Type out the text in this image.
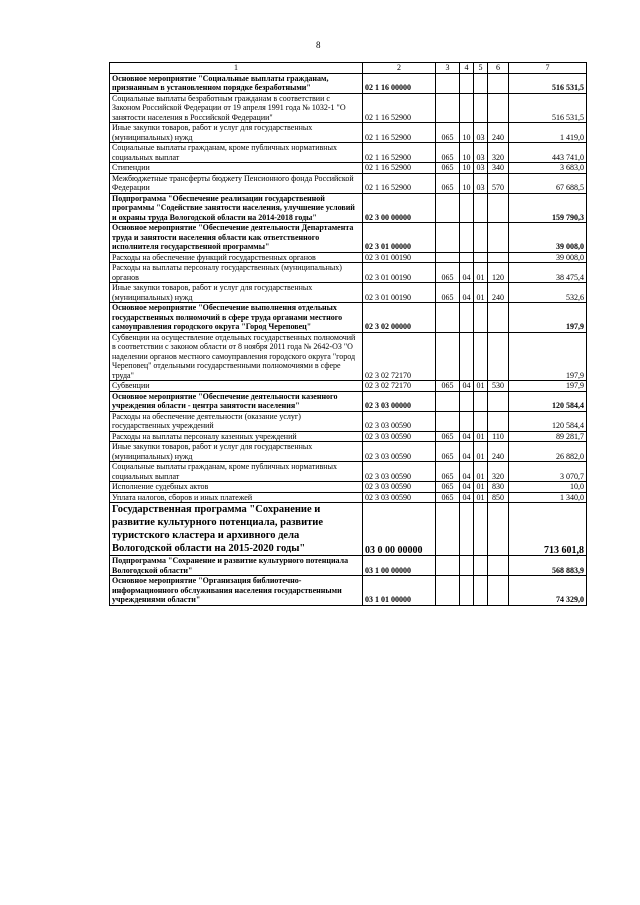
8
1	2	3	4	5	6	7
Основное мероприятие "Социальные выплаты гражданам, признанным в установленном порядке безработными"	02 1 16 00000					516 531,5
Социальные выплаты безработным гражданам в соответствии с Законом Российской Федерации от 19 апреля 1991 года № 1032-1 "О занятости населения в Российской Федерации"	02 1 16 52900					516 531,5
Иные закупки товаров, работ и услуг для государственных (муниципальных) нужд	02 1 16 52900	065	10	03	240	1 419,0
Социальные выплаты гражданам, кроме публичных нормативных социальных выплат	02 1 16 52900	065	10	03	320	443 741,0
Стипендии	02 1 16 52900	065	10	03	340	3 683,0
Межбюджетные трансферты бюджету Пенсионного фонда Российской Федерации	02 1 16 52900	065	10	03	570	67 688,5
Подпрограмма "Обеспечение реализации государственной программы "Содействие занятости населения, улучшение условий и охраны труда Вологодской области на 2014-2018 годы"	02 3 00 00000					159 790,3
Основное мероприятие "Обеспечение деятельности Департамента труда и занятости населения области как ответственного исполнителя государственной программы"	02 3 01 00000					39 008,0
Расходы на обеспечение функций государственных органов	02 3 01 00190					39 008,0
Расходы на выплаты персоналу государственных (муниципальных) органов	02 3 01 00190	065	04	01	120	38 475,4
Иные закупки товаров, работ и услуг для государственных (муниципальных) нужд	02 3 01 00190	065	04	01	240	532,6
Основное мероприятие "Обеспечение выполнения отдельных государственных полномочий в сфере труда органами местного самоуправления городского округа "Город Череповец"	02 3 02 00000					197,9
Субвенции на осуществление отдельных государственных полномочий в соответствии с законом области от 8 ноября 2011 года № 2642-ОЗ "О наделении органов местного самоуправления городского округа "город Череповец" отдельными государственными полномочиями в сфере труда"	02 3 02 72170					197,9
Субвенции	02 3 02 72170	065	04	01	530	197,9
Основное мероприятие "Обеспечение деятельности казенного учреждения области - центра занятости населения"	02 3 03 00000					120 584,4
Расходы на обеспечение деятельности (оказание услуг) государственных учреждений	02 3 03 00590					120 584,4
Расходы на выплаты персоналу казенных учреждений	02 3 03 00590	065	04	01	110	89 281,7
Иные закупки товаров, работ и услуг для государственных (муниципальных) нужд	02 3 03 00590	065	04	01	240	26 882,0
Социальные выплаты гражданам, кроме публичных нормативных социальных выплат	02 3 03 00590	065	04	01	320	3 070,7
Исполнение судебных актов	02 3 03 00590	065	04	01	830	10,0
Уплата налогов, сборов и иных платежей	02 3 03 00590	065	04	01	850	1 340,0
Государственная программа "Сохранение и развитие культурного потенциала, развитие туристского кластера и архивного дела Вологодской области на 2015-2020 годы"	03 0 00 00000					713 601,8
Подпрограмма "Сохранение и развитие культурного потенциала Вологодской области"	03 1 00 00000					568 883,9
Основное мероприятие "Организация библиотечно-информационного обслуживания населения государственными учреждениями области"	03 1 01 00000					74 329,0
